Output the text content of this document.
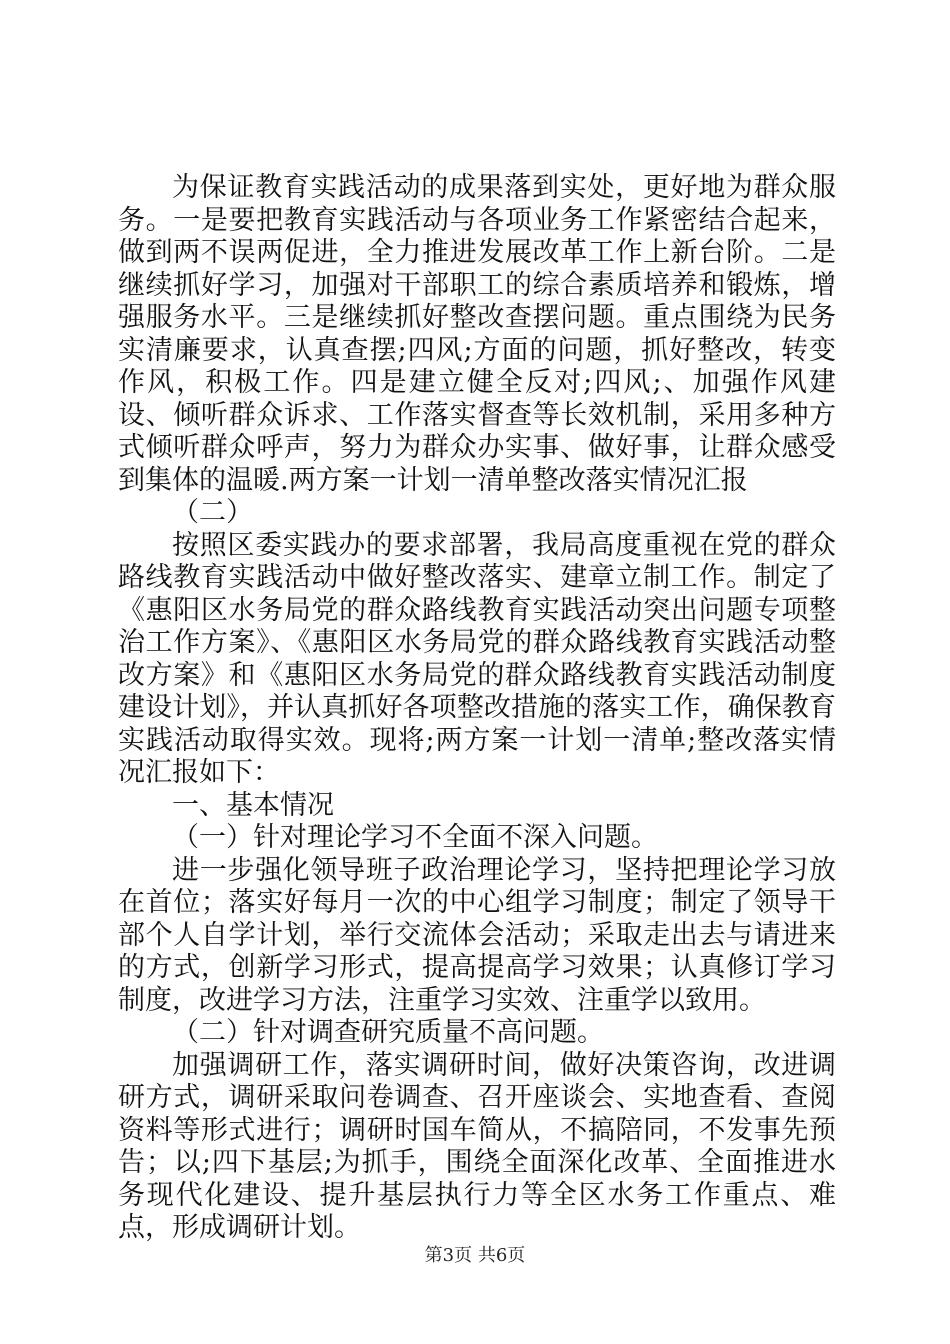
为保证教育实践活动的成果落到实处，更好地为群众服务。一是要把教育实践活动与各项业务工作紧密结合起来，做到两不误两促进，全力推进发展改革工作上新台阶。二是继续抓好学习，加强对干部职工的综合素质培养和锻炼，增强服务水平。三是继续抓好整改查摆问题。重点围绕为民务实清廉要求，认真查摆;四风;方面的问题，抓好整改，转变作风，积极工作。四是建立健全反对;四风;、加强作风建设、倾听群众诉求、工作落实督查等长效机制，采用多种方式倾听群众呼声，努力为群众办实事、做好事，让群众感受到集体的温暖.两方案一计划一清单整改落实情况汇报

（二）

按照区委实践办的要求部署，我局高度重视在党的群众路线教育实践活动中做好整改落实、建章立制工作。制定了《惠阳区水务局党的群众路线教育实践活动突出问题专项整治工作方案》、《惠阳区水务局党的群众路线教育实践活动整改方案》和《惠阳区水务局党的群众路线教育实践活动制度建设计划》，并认真抓好各项整改措施的落实工作，确保教育实践活动取得实效。现将;两方案一计划一清单;整改落实情况汇报如下：

一、基本情况

（一）针对理论学习不全面不深入问题。

进一步强化领导班子政治理论学习，坚持把理论学习放在首位；落实好每月一次的中心组学习制度；制定了领导干部个人自学计划，举行交流体会活动；采取走出去与请进来的方式，创新学习形式，提高提高学习效果；认真修订学习制度，改进学习方法，注重学习实效、注重学以致用。

（二）针对调查研究质量不高问题。

加强调研工作，落实调研时间，做好决策咨询，改进调研方式，调研采取问卷调查、召开座谈会、实地查看、查阅资料等形式进行；调研时国车简从，不搞陪同，不发事先预告；以;四下基层;为抓手，围绕全面深化改革、全面推进水务现代化建设、提升基层执行力等全区水务工作重点、难点，形成调研计划。

第3页 共6页
